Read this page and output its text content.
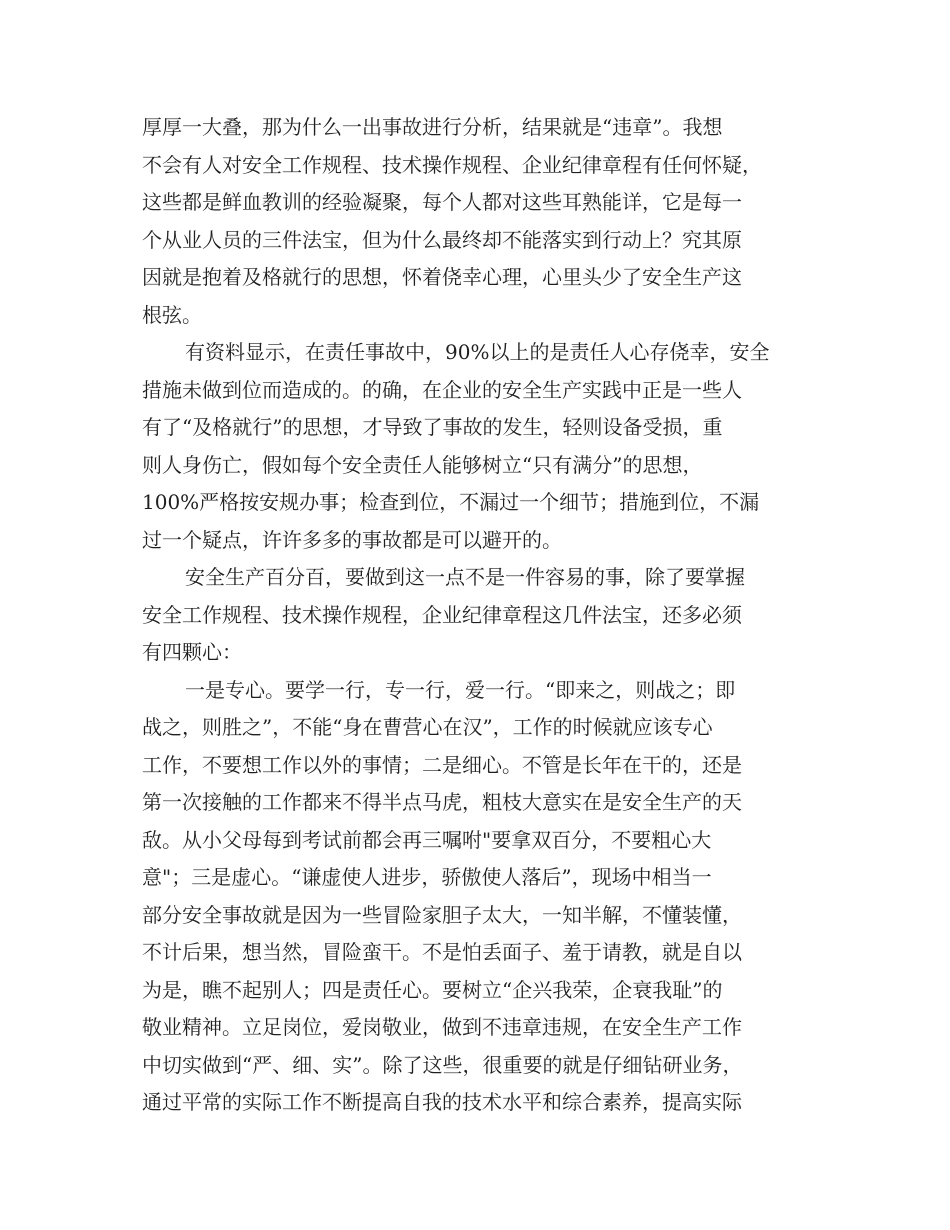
厚厚一大叠，那为什么一出事故进行分析，结果就是“违章”。我想
不会有人对安全工作规程、技术操作规程、企业纪律章程有任何怀疑，
这些都是鲜血教训的经验凝聚，每个人都对这些耳熟能详，它是每一
个从业人员的三件法宝，但为什么最终却不能落实到行动上？究其原
因就是抱着及格就行的思想，怀着侥幸心理，心里头少了安全生产这
根弦。
有资料显示，在责任事故中，90%以上的是责任人心存侥幸，安全
措施未做到位而造成的。的确，在企业的安全生产实践中正是一些人
有了“及格就行”的思想，才导致了事故的发生，轻则设备受损，重
则人身伤亡，假如每个安全责任人能够树立“只有满分”的思想，
100%严格按安规办事；检查到位，不漏过一个细节；措施到位，不漏
过一个疑点，许许多多的事故都是可以避开的。
安全生产百分百，要做到这一点不是一件容易的事，除了要掌握
安全工作规程、技术操作规程，企业纪律章程这几件法宝，还多必须
有四颗心：
一是专心。要学一行，专一行，爱一行。“即来之，则战之；即
战之，则胜之”，不能“身在曹营心在汉”，工作的时候就应该专心
工作，不要想工作以外的事情；二是细心。不管是长年在干的，还是
第一次接触的工作都来不得半点马虎，粗枝大意实在是安全生产的天
敌。从小父母每到考试前都会再三嘱咐"要拿双百分，不要粗心大
意"；三是虚心。“谦虚使人进步，骄傲使人落后”，现场中相当一
部分安全事故就是因为一些冒险家胆子太大，一知半解，不懂装懂，
不计后果，想当然，冒险蛮干。不是怕丢面子、羞于请教，就是自以
为是，瞧不起别人；四是责任心。要树立“企兴我荣，企衰我耻”的
敬业精神。立足岗位，爱岗敬业，做到不违章违规，在安全生产工作
中切实做到“严、细、实”。除了这些，很重要的就是仔细钻研业务，
通过平常的实际工作不断提高自我的技术水平和综合素养，提高实际
